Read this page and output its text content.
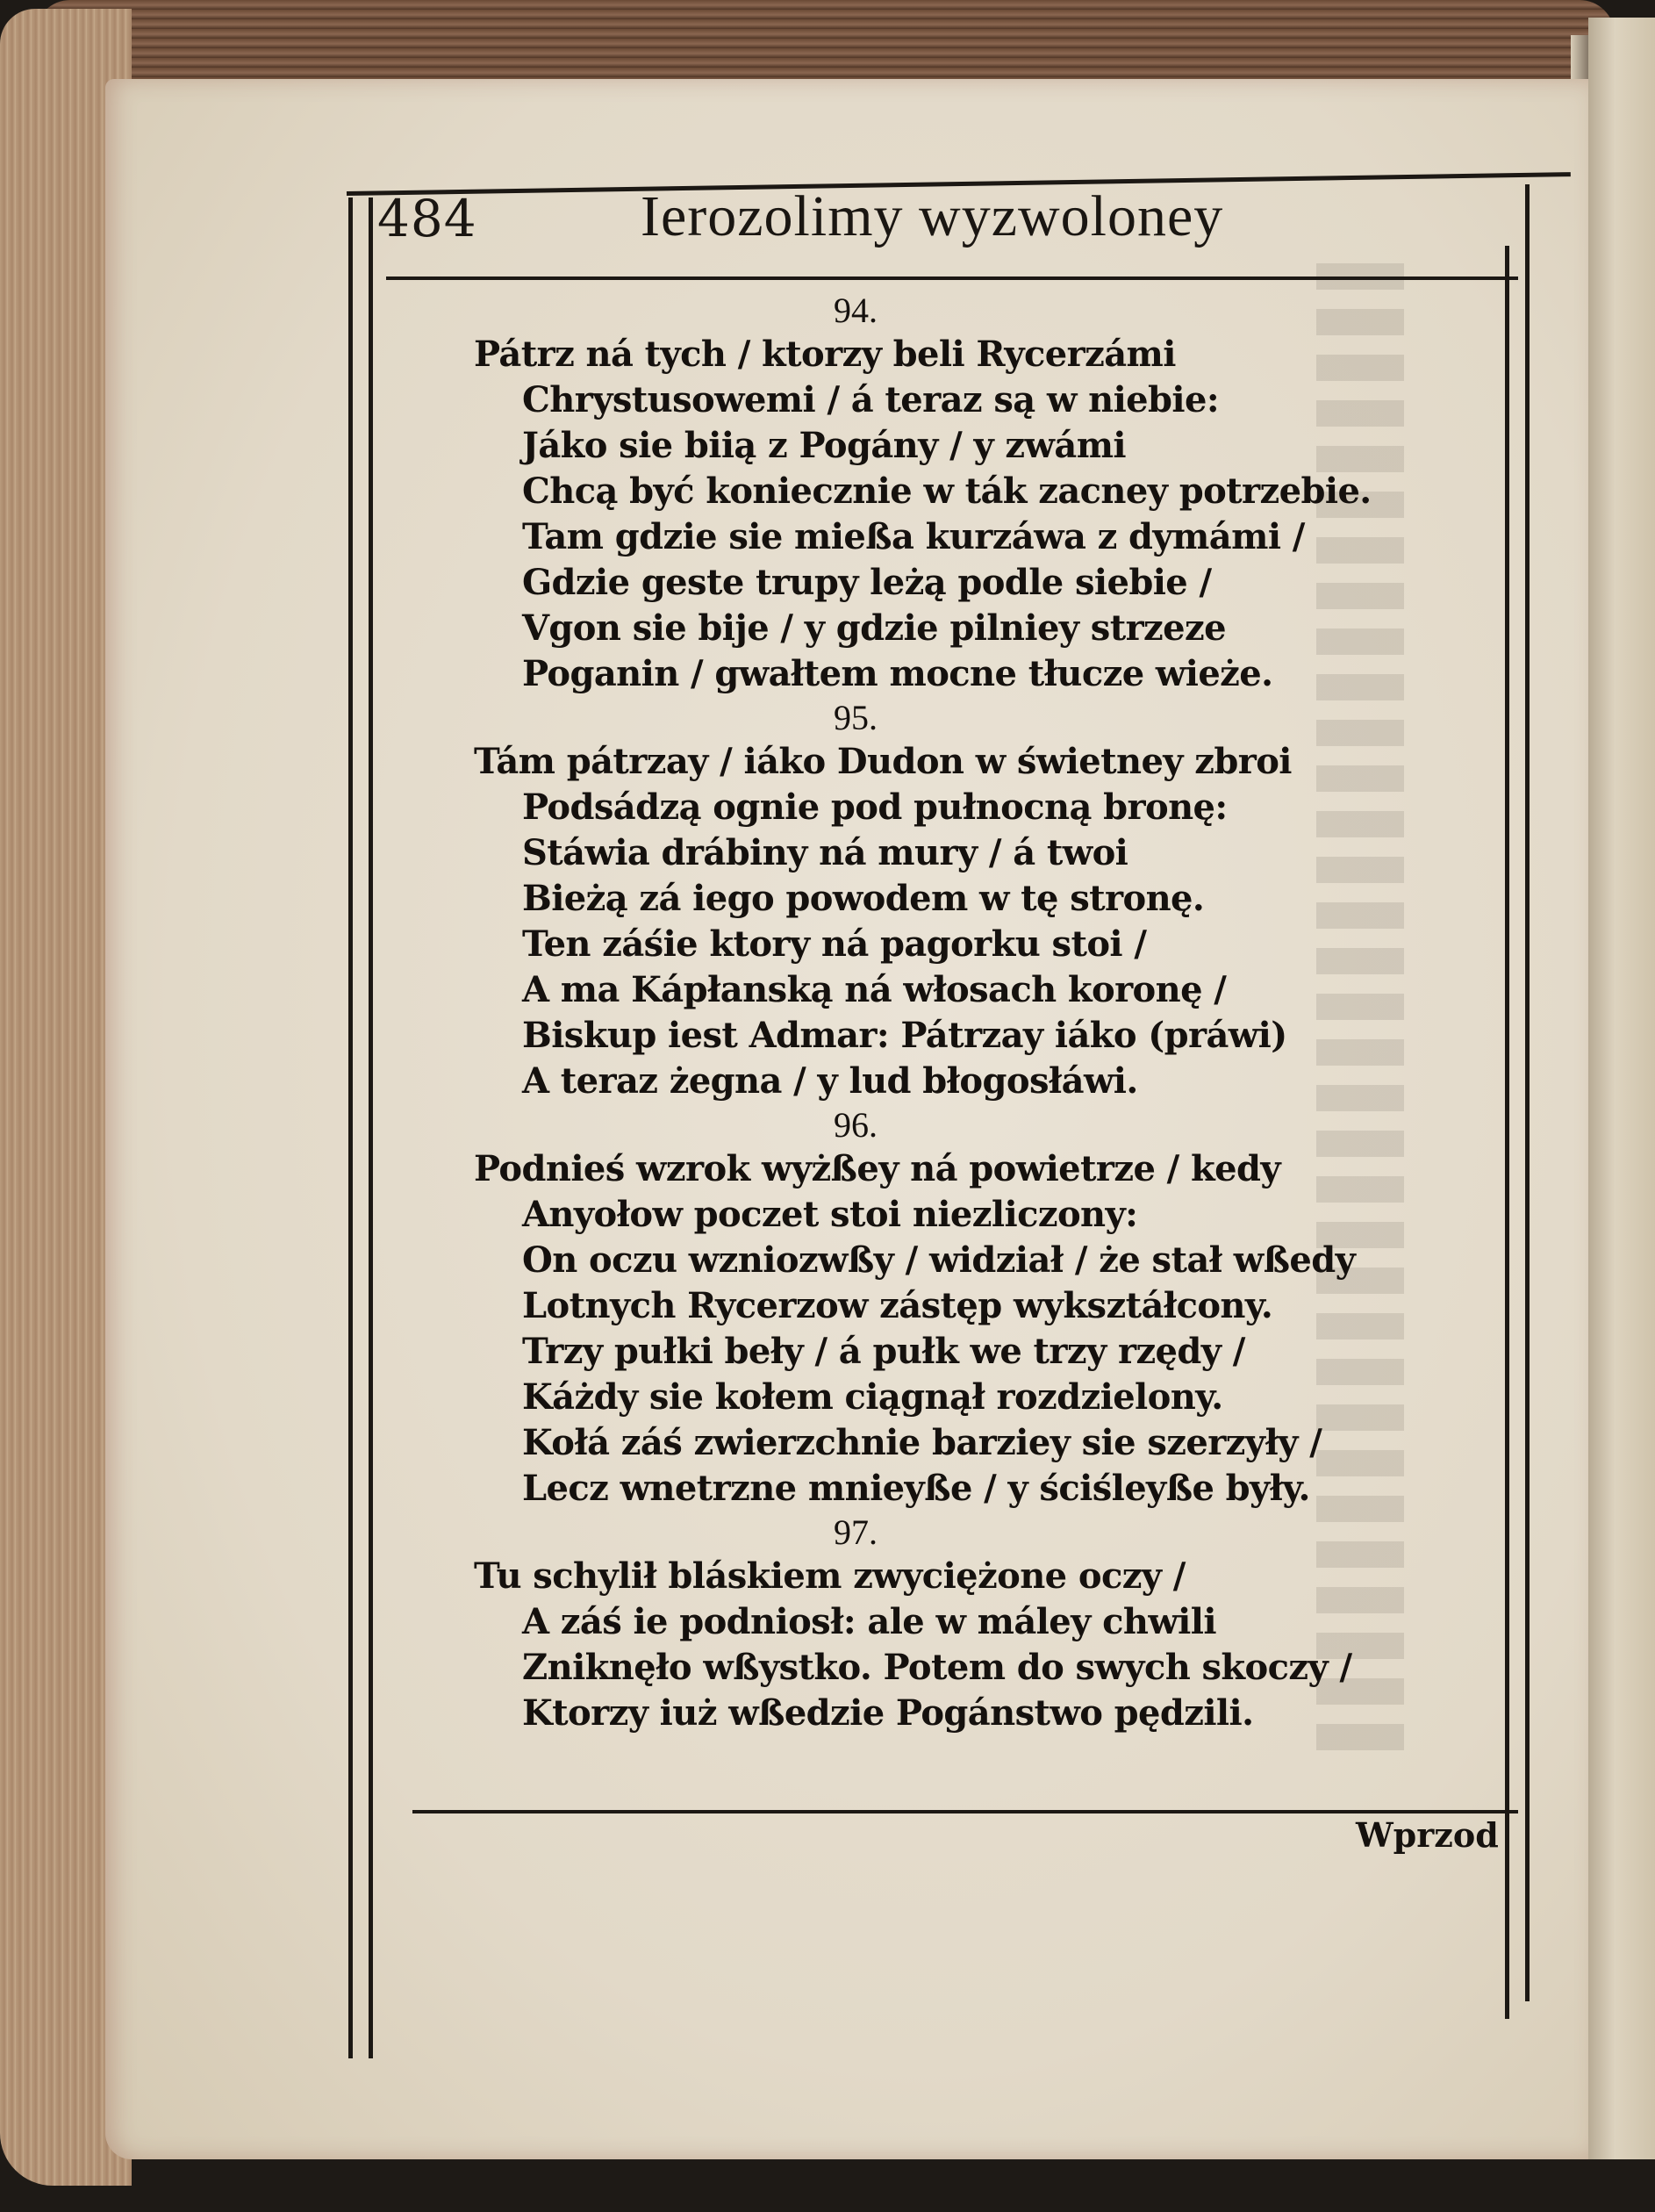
484	Ierozolimy wyzwoloney
94.
Pátrz ná tych / ktorzy beli Rycerzámi
Chrystusowemi / á teraz są w niebie:
Jáko sie biią z Pogány / y zwámi
Chcą być koniecznie w ták zacney potrzebie.
Tam gdzie sie mießa kurzáwa z dymámi /
Gdzie geste trupy leżą podle siebie /
Vgon sie bije / y gdzie pilniey strzeze
Poganin / gwałtem mocne tłucze wieże.
95.
Tám pátrzay / iáko Dudon w świetney zbroi
Podsádzą ognie pod pułnocną bronę:
Stáwia drábiny ná mury / á twoi
Bieżą zá iego powodem w tę stronę.
Ten záśie ktory ná pagorku stoi /
A ma Kápłanską ná włosach koronę /
Biskup iest Admar: Pátrzay iáko (práwi)
A teraz żegna / y lud błogosłáwi.
96.
Podnieś wzrok wyżßey ná powietrze / kedy
Anyołow poczet stoi niezliczony:
On oczu wzniozwßy / widział / że stał wßedy
Lotnych Rycerzow zástęp wyksztáłcony.
Trzy pułki beły / á pułk we trzy rzędy /
Káżdy sie kołem ciągnął rozdzielony.
Kołá záś zwierzchnie barziey sie szerzyły /
Lecz wnetrzne mnieyße / y ściśleyße były.
97.
Tu schylił bláskiem zwyciężone oczy /
A záś ie podniosł: ale w máley chwili
Zniknęło wßystko. Potem do swych skoczy /
Ktorzy iuż wßedzie Pogánstwo pędzili.
Wprzod
